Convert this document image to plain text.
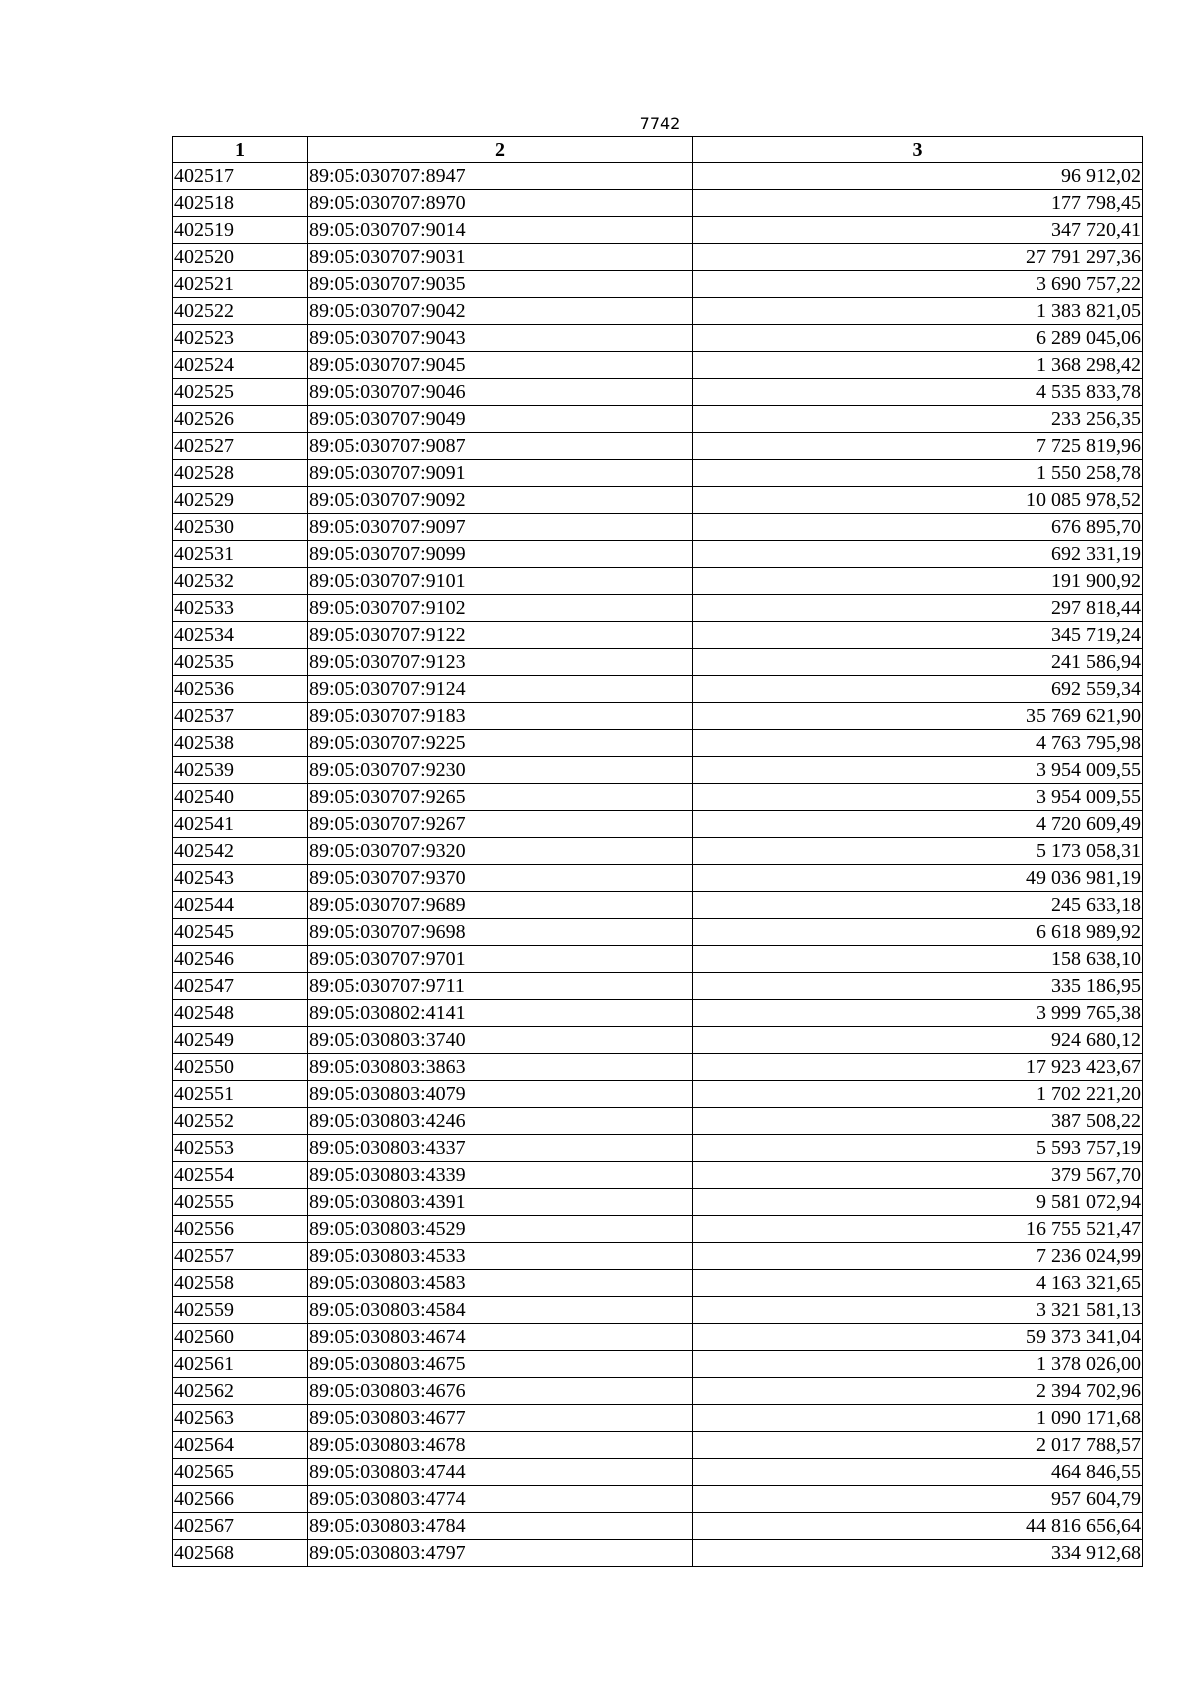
7742
1	2	3
402517	89:05:030707:8947	96 912,02
402518	89:05:030707:8970	177 798,45
402519	89:05:030707:9014	347 720,41
402520	89:05:030707:9031	27 791 297,36
402521	89:05:030707:9035	3 690 757,22
402522	89:05:030707:9042	1 383 821,05
402523	89:05:030707:9043	6 289 045,06
402524	89:05:030707:9045	1 368 298,42
402525	89:05:030707:9046	4 535 833,78
402526	89:05:030707:9049	233 256,35
402527	89:05:030707:9087	7 725 819,96
402528	89:05:030707:9091	1 550 258,78
402529	89:05:030707:9092	10 085 978,52
402530	89:05:030707:9097	676 895,70
402531	89:05:030707:9099	692 331,19
402532	89:05:030707:9101	191 900,92
402533	89:05:030707:9102	297 818,44
402534	89:05:030707:9122	345 719,24
402535	89:05:030707:9123	241 586,94
402536	89:05:030707:9124	692 559,34
402537	89:05:030707:9183	35 769 621,90
402538	89:05:030707:9225	4 763 795,98
402539	89:05:030707:9230	3 954 009,55
402540	89:05:030707:9265	3 954 009,55
402541	89:05:030707:9267	4 720 609,49
402542	89:05:030707:9320	5 173 058,31
402543	89:05:030707:9370	49 036 981,19
402544	89:05:030707:9689	245 633,18
402545	89:05:030707:9698	6 618 989,92
402546	89:05:030707:9701	158 638,10
402547	89:05:030707:9711	335 186,95
402548	89:05:030802:4141	3 999 765,38
402549	89:05:030803:3740	924 680,12
402550	89:05:030803:3863	17 923 423,67
402551	89:05:030803:4079	1 702 221,20
402552	89:05:030803:4246	387 508,22
402553	89:05:030803:4337	5 593 757,19
402554	89:05:030803:4339	379 567,70
402555	89:05:030803:4391	9 581 072,94
402556	89:05:030803:4529	16 755 521,47
402557	89:05:030803:4533	7 236 024,99
402558	89:05:030803:4583	4 163 321,65
402559	89:05:030803:4584	3 321 581,13
402560	89:05:030803:4674	59 373 341,04
402561	89:05:030803:4675	1 378 026,00
402562	89:05:030803:4676	2 394 702,96
402563	89:05:030803:4677	1 090 171,68
402564	89:05:030803:4678	2 017 788,57
402565	89:05:030803:4744	464 846,55
402566	89:05:030803:4774	957 604,79
402567	89:05:030803:4784	44 816 656,64
402568	89:05:030803:4797	334 912,68
